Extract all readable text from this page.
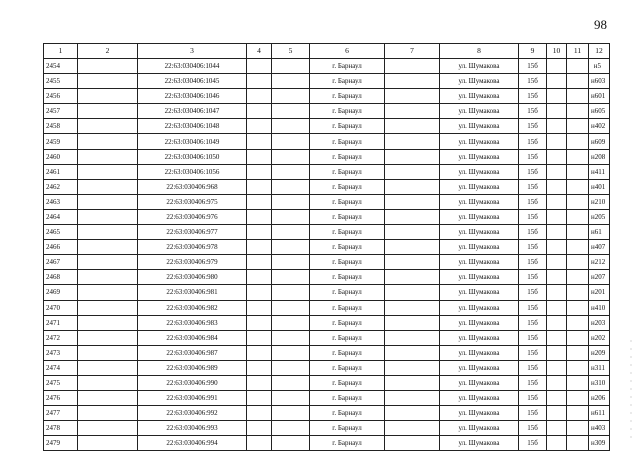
98
1	2	3	4	5	6	7	8	9	10	11	12
2454		22:63:030406:1044			г. Барнаул		ул. Шумакова	15б			н5
2455		22:63:030406:1045			г. Барнаул		ул. Шумакова	15б			н603
2456		22:63:030406:1046			г. Барнаул		ул. Шумакова	15б			н601
2457		22:63:030406:1047			г. Барнаул		ул. Шумакова	15б			н605
2458		22:63:030406:1048			г. Барнаул		ул. Шумакова	15б			н402
2459		22:63:030406:1049			г. Барнаул		ул. Шумакова	15б			н609
2460		22:63:030406:1050			г. Барнаул		ул. Шумакова	15б			н208
2461		22:63:030406:1056			г. Барнаул		ул. Шумакова	15б			н411
2462		22:63:030406:968			г. Барнаул		ул. Шумакова	15б			н401
2463		22:63:030406:975			г. Барнаул		ул. Шумакова	15б			н210
2464		22:63:030406:976			г. Барнаул		ул. Шумакова	15б			н205
2465		22:63:030406:977			г. Барнаул		ул. Шумакова	15б			н61
2466		22:63:030406:978			г. Барнаул		ул. Шумакова	15б			н407
2467		22:63:030406:979			г. Барнаул		ул. Шумакова	15б			н212
2468		22:63:030406:980			г. Барнаул		ул. Шумакова	15б			н207
2469		22:63:030406:981			г. Барнаул		ул. Шумакова	15б			н201
2470		22:63:030406:982			г. Барнаул		ул. Шумакова	15б			н410
2471		22:63:030406:983			г. Барнаул		ул. Шумакова	15б			н203
2472		22:63:030406:984			г. Барнаул		ул. Шумакова	15б			н202
2473		22:63:030406:987			г. Барнаул		ул. Шумакова	15б			н209
2474		22:63:030406:989			г. Барнаул		ул. Шумакова	15б			н311
2475		22:63:030406:990			г. Барнаул		ул. Шумакова	15б			н310
2476		22:63:030406:991			г. Барнаул		ул. Шумакова	15б			н206
2477		22:63:030406:992			г. Барнаул		ул. Шумакова	15б			н611
2478		22:63:030406:993			г. Барнаул		ул. Шумакова	15б			н403
2479		22:63:030406:994			г. Барнаул		ул. Шумакова	15б			н309
